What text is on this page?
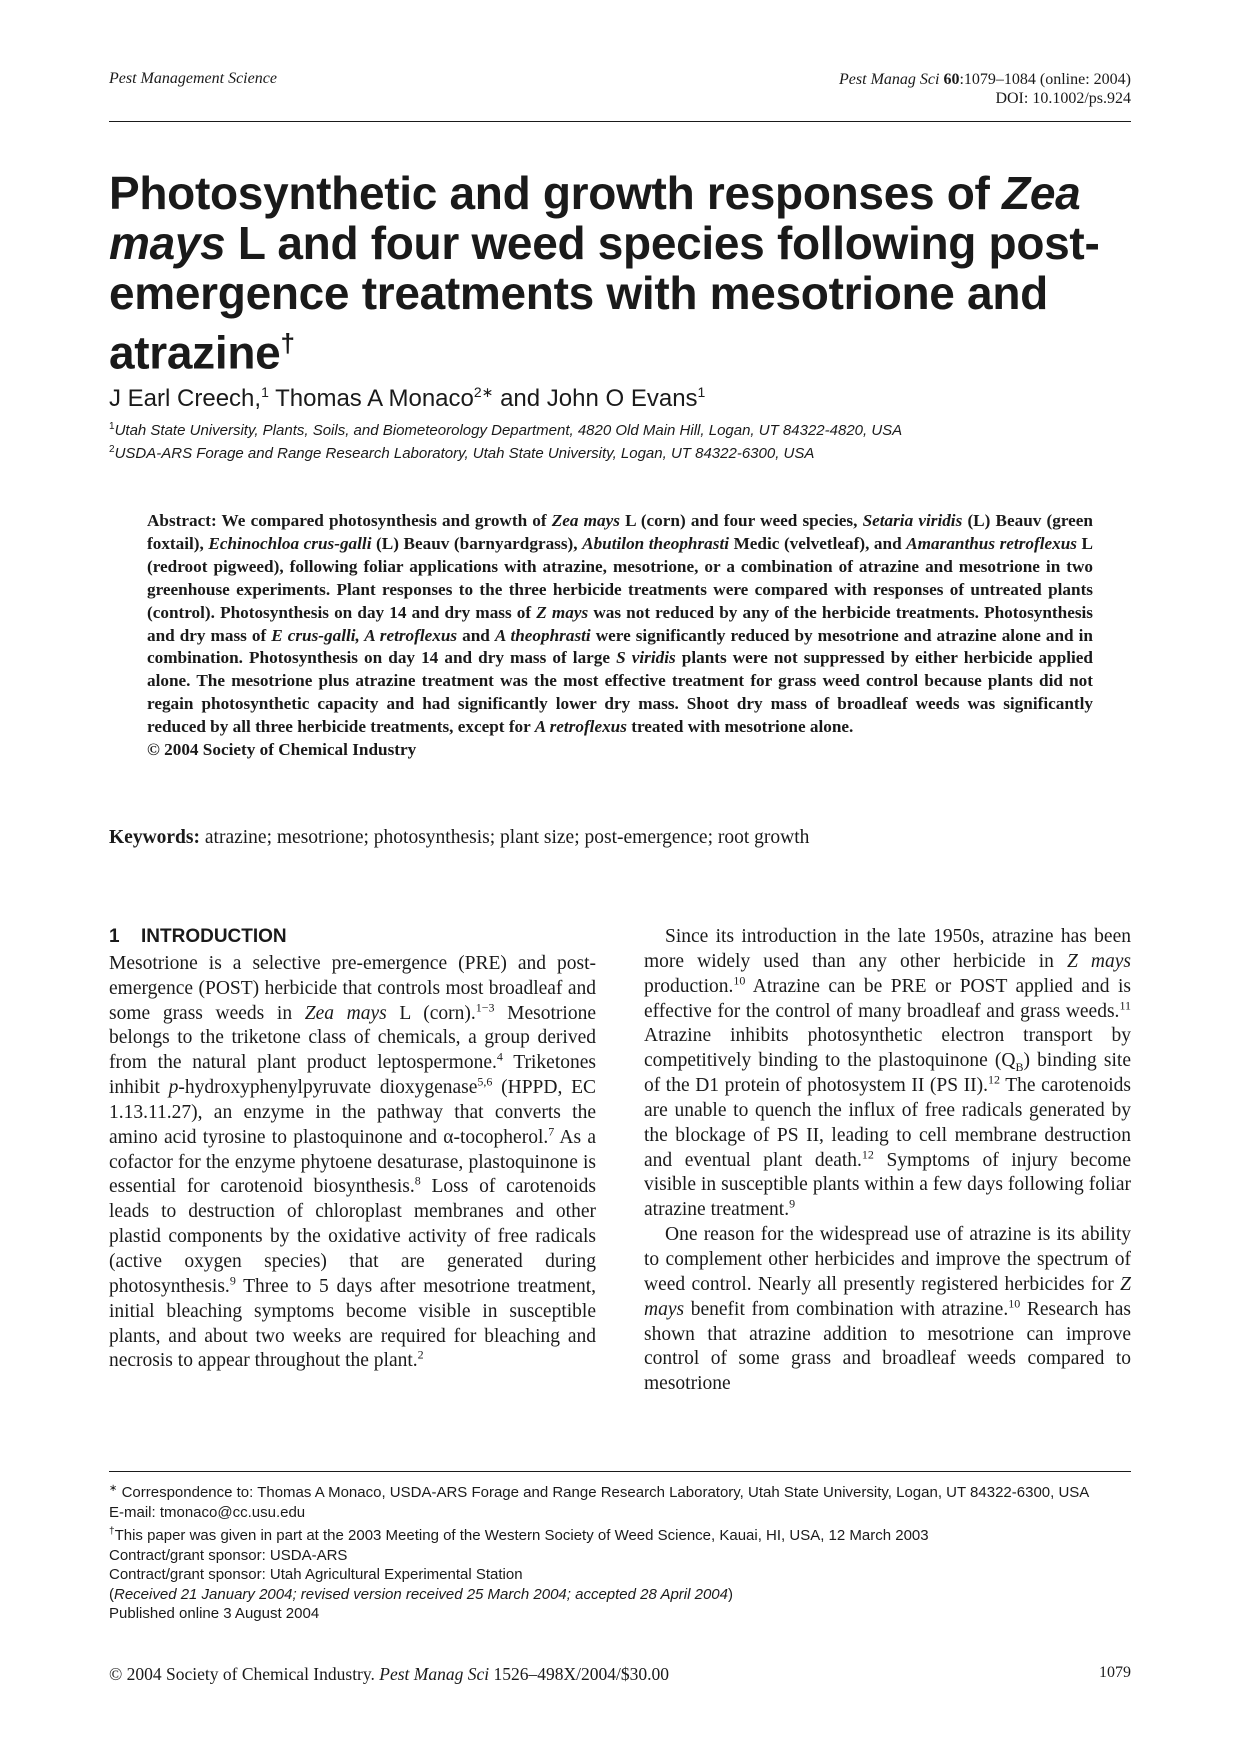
Pest Management Science	Pest Manag Sci 60:1079–1084 (online: 2004)
DOI: 10.1002/ps.924
Photosynthetic and growth responses of Zea mays L and four weed species following post-emergence treatments with mesotrione and atrazine†
J Earl Creech,$^1$ Thomas A Monaco$^{2∗}$ and John O Evans$^1$
$^1$Utah State University, Plants, Soils, and Biometeorology Department, 4820 Old Main Hill, Logan, UT 84322-4820, USA
$^2$USDA-ARS Forage and Range Research Laboratory, Utah State University, Logan, UT 84322-6300, USA
Abstract: We compared photosynthesis and growth of Zea mays L (corn) and four weed species, Setaria viridis (L) Beauv (green foxtail), Echinochloa crus-galli (L) Beauv (barnyardgrass), Abutilon theophrasti Medic (velvetleaf), and Amaranthus retroflexus L (redroot pigweed), following foliar applications with atrazine, mesotrione, or a combination of atrazine and mesotrione in two greenhouse experiments. Plant responses to the three herbicide treatments were compared with responses of untreated plants (control). Photosynthesis on day 14 and dry mass of Z mays was not reduced by any of the herbicide treatments. Photosynthesis and dry mass of E crus-galli, A retroflexus and A theophrasti were significantly reduced by mesotrione and atrazine alone and in combination. Photosynthesis on day 14 and dry mass of large S viridis plants were not suppressed by either herbicide applied alone. The mesotrione plus atrazine treatment was the most effective treatment for grass weed control because plants did not regain photosynthetic capacity and had significantly lower dry mass. Shoot dry mass of broadleaf weeds was significantly reduced by all three herbicide treatments, except for A retroflexus treated with mesotrione alone.
© 2004 Society of Chemical Industry
Keywords: atrazine; mesotrione; photosynthesis; plant size; post-emergence; root growth
1 INTRODUCTION

Mesotrione is a selective pre-emergence (PRE) and post-emergence (POST) herbicide that controls most broadleaf and some grass weeds in Zea mays L (corn).$^{1-3}$ Mesotrione belongs to the triketone class of chemicals, a group derived from the natural plant product leptospermone.$^4$ Triketones inhibit p-hydroxyphenylpyruvate dioxygenase$^{5,6}$ (HPPD, EC 1.13.11.27), an enzyme in the pathway that converts the amino acid tyrosine to plastoquinone and α-tocopherol.$^7$ As a cofactor for the enzyme phytoene desaturase, plastoquinone is essential for carotenoid biosynthesis.$^8$ Loss of carotenoids leads to destruction of chloroplast membranes and other plastid components by the oxidative activity of free radicals (active oxygen species) that are generated during photosynthesis.$^9$ Three to 5 days after mesotrione treatment, initial bleaching symptoms become visible in susceptible plants, and about two weeks are required for bleaching and necrosis to appear throughout the plant.$^2$

Since its introduction in the late 1950s, atrazine has been more widely used than any other herbicide in Z mays production.$^{10}$ Atrazine can be PRE or POST applied and is effective for the control of many broadleaf and grass weeds.$^{11}$ Atrazine inhibits photosynthetic electron transport by competitively binding to the plastoquinone $(Q_B)$ binding site of the D1 protein of photosystem II (PS II).$^{12}$ The carotenoids are unable to quench the influx of free radicals generated by the blockage of PS II, leading to cell membrane destruction and eventual plant death.$^{12}$ Symptoms of injury become visible in susceptible plants within a few days following foliar atrazine treatment.$^9$

One reason for the widespread use of atrazine is its ability to complement other herbicides and improve the spectrum of weed control. Nearly all presently registered herbicides for Z mays benefit from combination with atrazine.$^{10}$ Research has shown that atrazine addition to mesotrione can improve control of some grass and broadleaf weeds compared to mesotrione

∗ Correspondence to: Thomas A Monaco, USDA-ARS Forage and Range Research Laboratory, Utah State University, Logan, UT 84322-6300, USA

E-mail: tmonaco@cc.usu.edu

†This paper was given in part at the 2003 Meeting of the Western Society of Weed Science, Kauai, HI, USA, 12 March 2003

Contract/grant sponsor: USDA-ARS

Contract/grant sponsor: Utah Agricultural Experimental Station

(Received 21 January 2004; revised version received 25 March 2004; accepted 28 April 2004)

Published online 3 August 2004

© 2004 Society of Chemical Industry. Pest Manag Sci 1526–498X/2004/$30.00	1079
